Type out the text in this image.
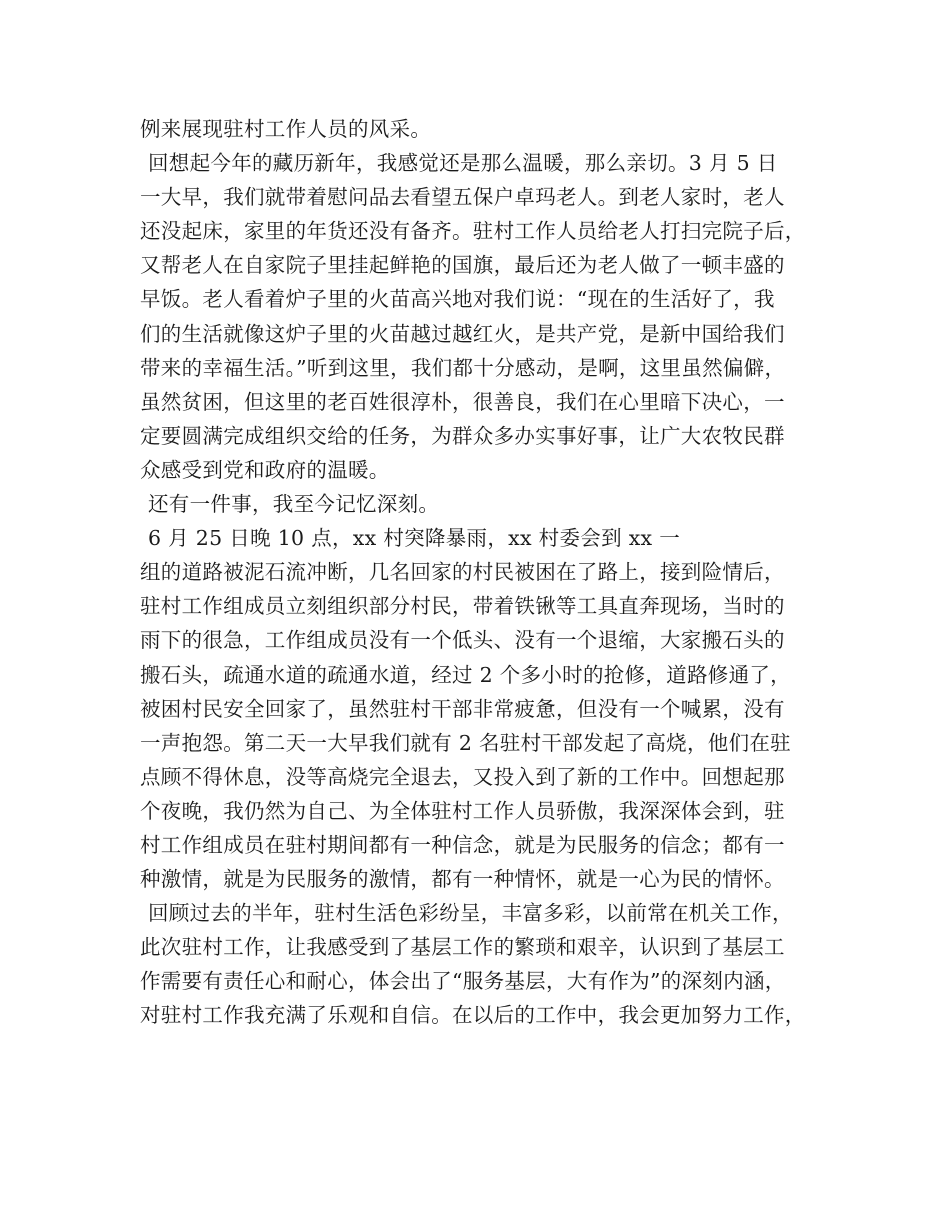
例来展现驻村工作人员的风采。
回想起今年的藏历新年，我感觉还是那么温暖，那么亲切。3 月 5 日
一大早，我们就带着慰问品去看望五保户卓玛老人。到老人家时，老人
还没起床，家里的年货还没有备齐。驻村工作人员给老人打扫完院子后，
又帮老人在自家院子里挂起鲜艳的国旗，最后还为老人做了一顿丰盛的
早饭。老人看着炉子里的火苗高兴地对我们说：“现在的生活好了，我
们的生活就像这炉子里的火苗越过越红火，是共产党，是新中国给我们
带来的幸福生活。”听到这里，我们都十分感动，是啊，这里虽然偏僻，
虽然贫困，但这里的老百姓很淳朴，很善良，我们在心里暗下决心，一
定要圆满完成组织交给的任务，为群众多办实事好事，让广大农牧民群
众感受到党和政府的温暖。
还有一件事，我至今记忆深刻。
6 月 25 日晚 10 点，xx 村突降暴雨，xx 村委会到 xx 一
组的道路被泥石流冲断，几名回家的村民被困在了路上，接到险情后，
驻村工作组成员立刻组织部分村民，带着铁锹等工具直奔现场，当时的
雨下的很急，工作组成员没有一个低头、没有一个退缩，大家搬石头的
搬石头，疏通水道的疏通水道，经过 2 个多小时的抢修，道路修通了，
被困村民安全回家了，虽然驻村干部非常疲惫，但没有一个喊累，没有
一声抱怨。第二天一大早我们就有 2 名驻村干部发起了高烧，他们在驻
点顾不得休息，没等高烧完全退去，又投入到了新的工作中。回想起那
个夜晚，我仍然为自己、为全体驻村工作人员骄傲，我深深体会到，驻
村工作组成员在驻村期间都有一种信念，就是为民服务的信念；都有一
种激情，就是为民服务的激情，都有一种情怀，就是一心为民的情怀。
回顾过去的半年，驻村生活色彩纷呈，丰富多彩，以前常在机关工作，
此次驻村工作，让我感受到了基层工作的繁琐和艰辛，认识到了基层工
作需要有责任心和耐心，体会出了“服务基层，大有作为”的深刻内涵，
对驻村工作我充满了乐观和自信。在以后的工作中，我会更加努力工作，
